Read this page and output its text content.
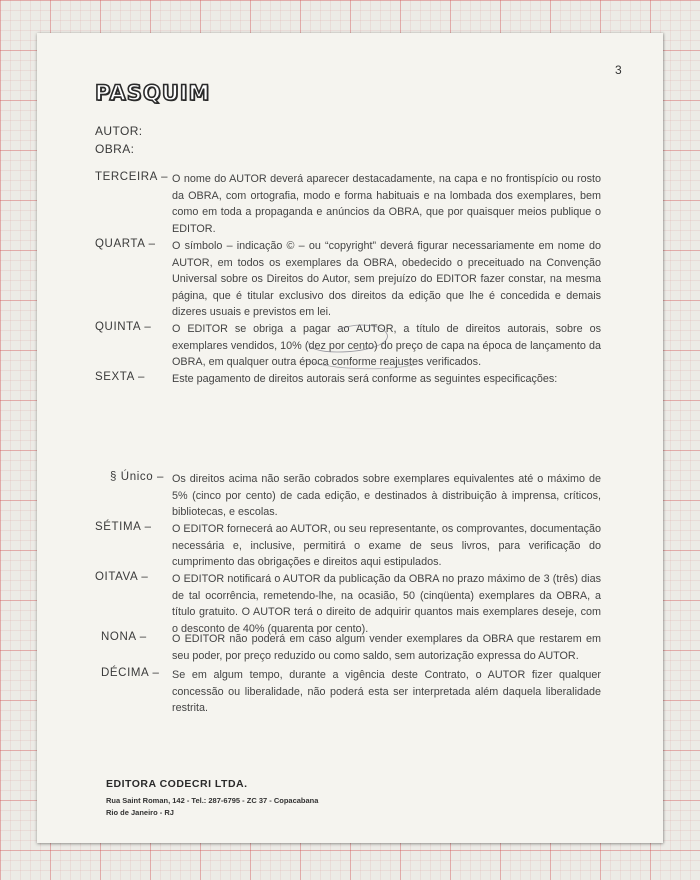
3
PASQUIM
AUTOR:
OBRA:
TERCEIRA – O nome do AUTOR deverá aparecer destacadamente, na capa e no frontispício ou rosto da OBRA, com ortografia, modo e forma habituais e na lombada dos exemplares, bem como em toda a propaganda e anúncios da OBRA, que por quaisquer meios publique o EDITOR.
QUARTA – O símbolo – indicação © – ou “copyright” deverá figurar necessariamente em nome do AUTOR, em todos os exemplares da OBRA, obedecido o preceituado na Convenção Universal sobre os Direitos do Autor, sem prejuízo do EDITOR fazer constar, na mesma página, que é titular exclusivo dos direitos da edição que lhe é concedida e demais dizeres usuais e previstos em lei.
QUINTA – O EDITOR se obriga a pagar ao AUTOR, a título de direitos autorais, sobre os exemplares vendidos, 10% (dez por cento) do preço de capa na época de lançamento da OBRA, em qualquer outra época conforme reajustes verificados.
SEXTA – Este pagamento de direitos autorais será conforme as seguintes especificações:
§ Único – Os direitos acima não serão cobrados sobre exemplares equivalentes até o máximo de 5% (cinco por cento) de cada edição, e destinados à distribuição à imprensa, críticos, bibliotecas, e escolas.
SÉTIMA – O EDITOR fornecerá ao AUTOR, ou seu representante, os comprovantes, documentação necessária e, inclusive, permitirá o exame de seus livros, para verificação do cumprimento das obrigações e direitos aqui estipulados.
OITAVA – O EDITOR notificará o AUTOR da publicação da OBRA no prazo máximo de 3 (três) dias de tal ocorrência, remetendo-lhe, na ocasião, 50 (cinqüenta) exemplares da OBRA, a título gratuito. O AUTOR terá o direito de adquirir quantos mais exemplares deseje, com o desconto de 40% (quarenta por cento).
NONA – O EDITOR não poderá em caso algum vender exemplares da OBRA que restarem em seu poder, por preço reduzido ou como saldo, sem autorização expressa do AUTOR.
DÉCIMA – Se em algum tempo, durante a vigência deste Contrato, o AUTOR fizer qualquer concessão ou liberalidade, não poderá esta ser interpretada além daquela liberalidade restrita.
EDITORA CODECRI LTDA.
Rua Saint Roman, 142 - Tel.: 287-6795 - ZC 37 - Copacabana
Rio de Janeiro - RJ
